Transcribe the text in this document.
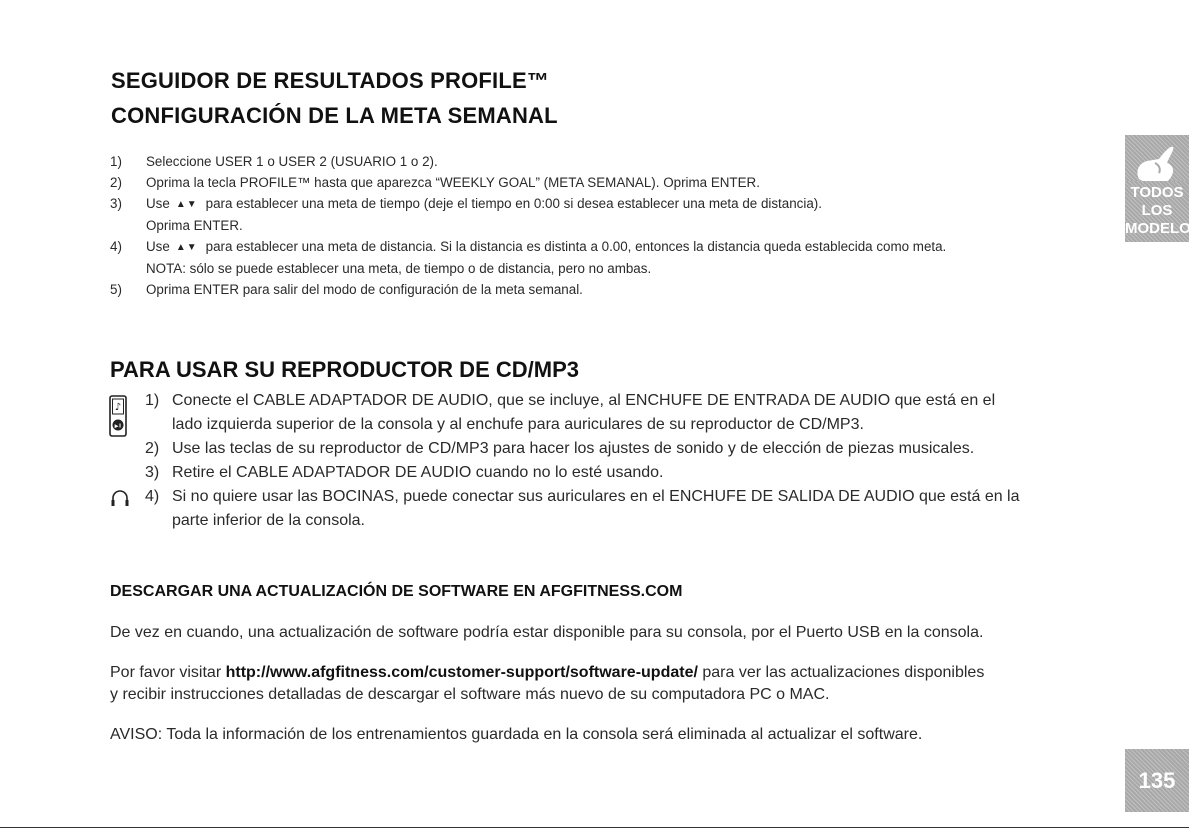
SEGUIDOR DE RESULTADOS PROFILE™
CONFIGURACIÓN DE LA META SEMANAL
1) Seleccione USER 1 o USER 2 (USUARIO 1 o 2).
2) Oprima la tecla PROFILE™ hasta que aparezca “WEEKLY GOAL” (META SEMANAL). Oprima ENTER.
3) Use ▲▼ para establecer una meta de tiempo (deje el tiempo en 0:00 si desea establecer una meta de distancia).
Oprima ENTER.
4) Use ▲▼ para establecer una meta de distancia. Si la distancia es distinta a 0.00, entonces la distancia queda establecida como meta.
NOTA: sólo se puede establecer una meta, de tiempo o de distancia, pero no ambas.
5) Oprima ENTER para salir del modo de configuración de la meta semanal.
PARA USAR SU REPRODUCTOR DE CD/MP3
♪
▶II
1) Conecte el CABLE ADAPTADOR DE AUDIO, que se incluye, al ENCHUFE DE ENTRADA DE AUDIO que está en el
lado izquierda superior de la consola y al enchufe para auriculares de su reproductor de CD/MP3.
2) Use las teclas de su reproductor de CD/MP3 para hacer los ajustes de sonido y de elección de piezas musicales.
3) Retire el CABLE ADAPTADOR DE AUDIO cuando no lo esté usando.
4) Si no quiere usar las BOCINAS, puede conectar sus auriculares en el ENCHUFE DE SALIDA DE AUDIO que está en la
parte inferior de la consola.
DESCARGAR UNA ACTUALIZACIÓN DE SOFTWARE EN AFGFITNESS.COM

De vez en cuando, una actualización de software podría estar disponible para su consola, por el Puerto USB en la consola.

Por favor visitar http://www.afgfitness.com/customer-support/software-update/ para ver las actualizaciones disponibles

y recibir instrucciones detalladas de descargar el software más nuevo de su computadora PC o MAC.

AVISO: Toda la información de los entrenamientos guardada en la consola será eliminada al actualizar el software.

TODOS
LOS
MODELOS
135
